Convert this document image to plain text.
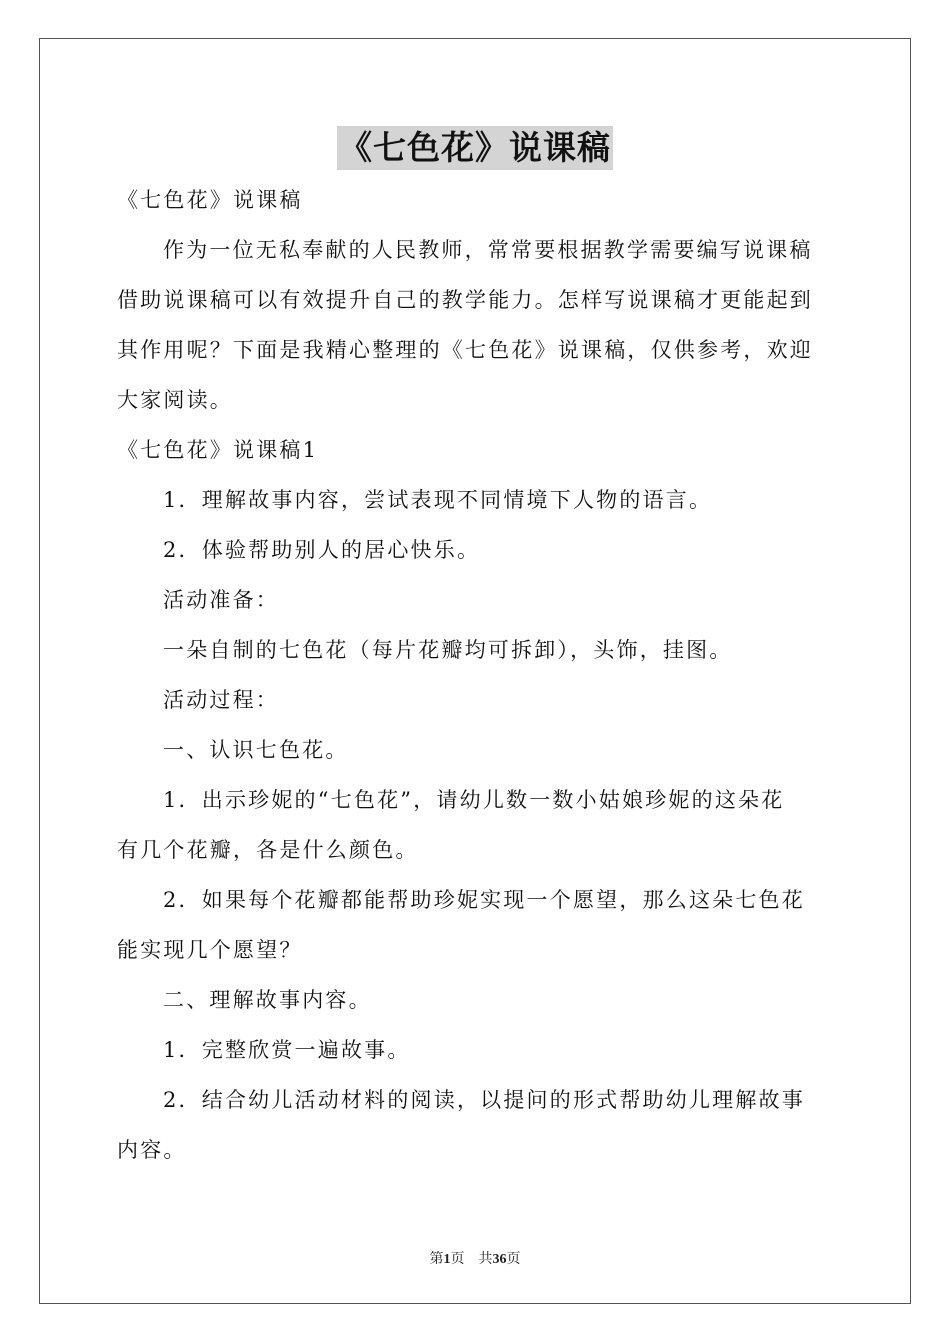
《七色花》说课稿
《七色花》说课稿
作为一位无私奉献的人民教师，常常要根据教学需要编写说课稿
借助说课稿可以有效提升自己的教学能力。怎样写说课稿才更能起到
其作用呢？下面是我精心整理的《七色花》说课稿，仅供参考，欢迎
大家阅读。
《七色花》说课稿1
1．理解故事内容，尝试表现不同情境下人物的语言。
2．体验帮助别人的居心快乐。
活动准备：
一朵自制的七色花（每片花瓣均可拆卸），头饰，挂图。
活动过程：
一、认识七色花。
1．出示珍妮的“七色花”，请幼儿数一数小姑娘珍妮的这朵花
有几个花瓣，各是什么颜色。
2．如果每个花瓣都能帮助珍妮实现一个愿望，那么这朵七色花
能实现几个愿望？
二、理解故事内容。
1．完整欣赏一遍故事。
2．结合幼儿活动材料的阅读，以提问的形式帮助幼儿理解故事
内容。
第1页　共36页
